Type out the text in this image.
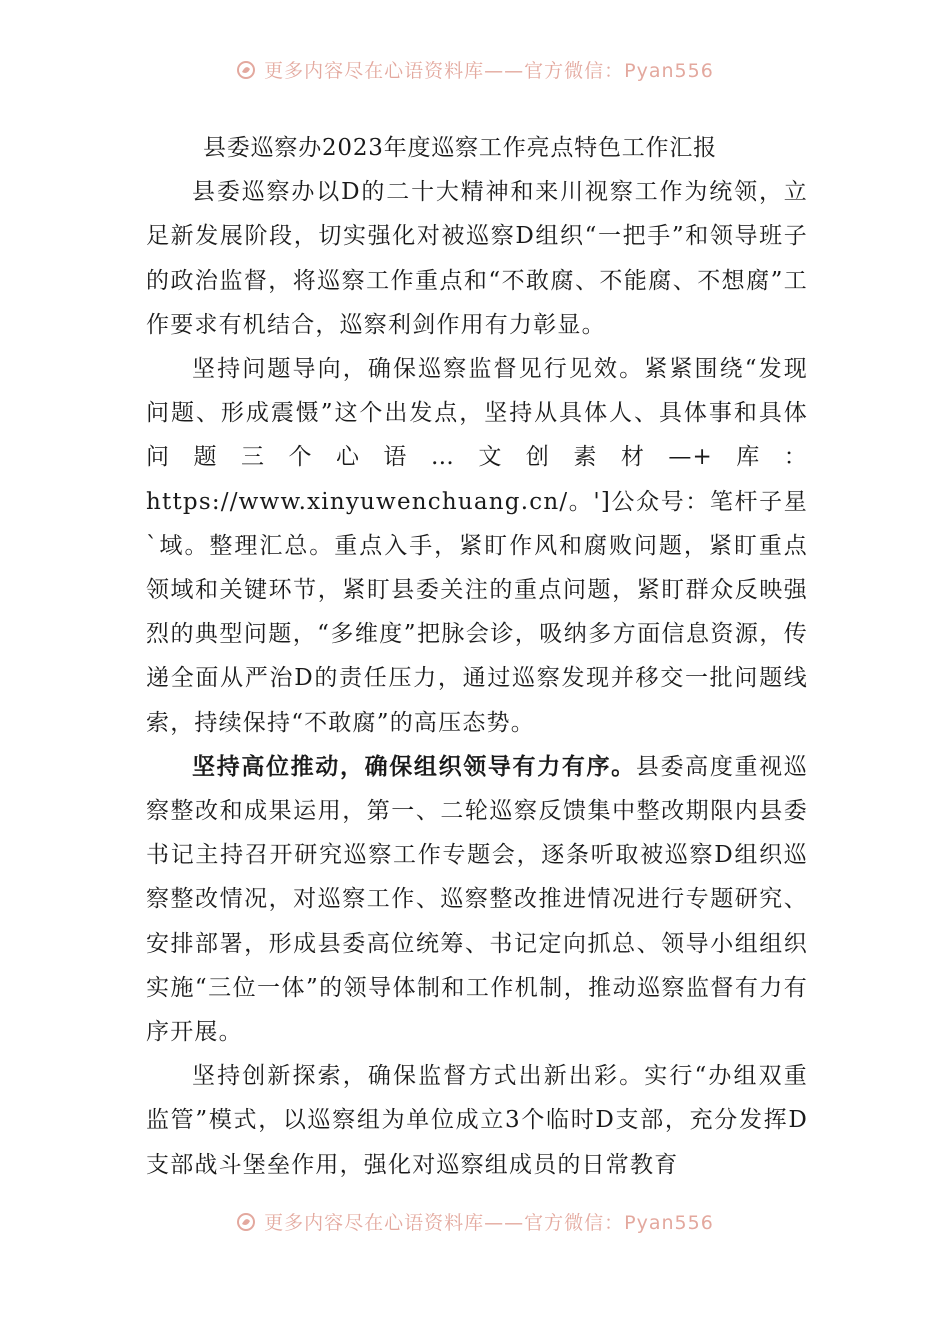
更多内容尽在心语资料库——官方微信：Pyan556

县委巡察办2023年度巡察工作亮点特色工作汇报

县委巡察办以D的二十大精神和来川视察工作为统领，立足新发展阶段，切实强化对被巡察D组织“一把手”和领导班子的政治监督，将巡察工作重点和“不敢腐、不能腐、不想腐”工作要求有机结合，巡察利剑作用有力彰显。

坚持问题导向，确保巡察监督见行见效。紧紧围绕“发现问题、形成震慑”这个出发点，坚持从具体人、具体事和具体问题三个心语…文创素材—+库：https://www.xinyuwenchuang.cn/。']公众号：笔杆子星`域。整理汇总。重点入手，紧盯作风和腐败问题，紧盯重点领域和关键环节，紧盯县委关注的重点问题，紧盯群众反映强烈的典型问题，“多维度”把脉会诊，吸纳多方面信息资源，传递全面从严治D的责任压力，通过巡察发现并移交一批问题线索，持续保持“不敢腐”的高压态势。

坚持高位推动，确保组织领导有力有序。县委高度重视巡察整改和成果运用，第一、二轮巡察反馈集中整改期限内县委书记主持召开研究巡察工作专题会，逐条听取被巡察D组织巡察整改情况，对巡察工作、巡察整改推进情况进行专题研究、安排部署，形成县委高位统筹、书记定向抓总、领导小组组织实施“三位一体”的领导体制和工作机制，推动巡察监督有力有序开展。

坚持创新探索，确保监督方式出新出彩。实行“办组双重监管”模式，以巡察组为单位成立3个临时D支部，充分发挥D支部战斗堡垒作用，强化对巡察组成员的日常教育

更多内容尽在心语资料库——官方微信：Pyan556
